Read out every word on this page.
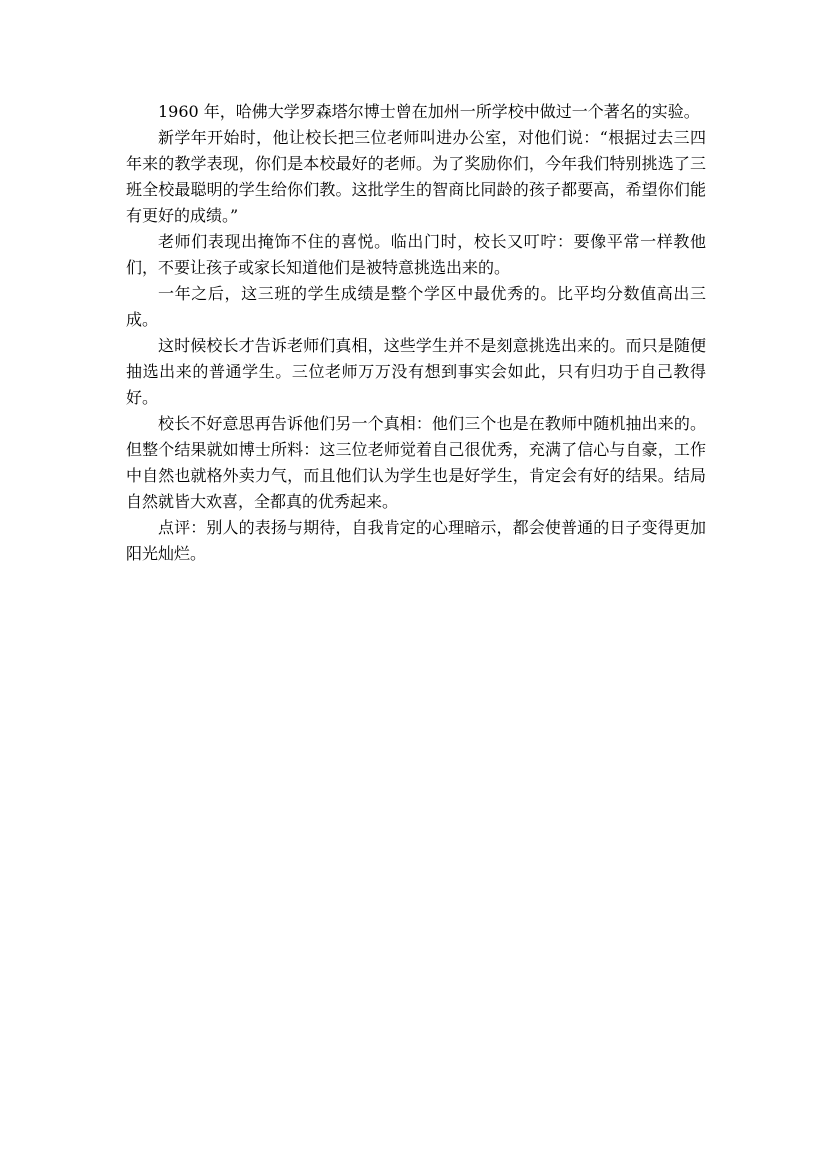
1960 年，哈佛大学罗森塔尔博士曾在加州一所学校中做过一个著名的实验。

新学年开始时，他让校长把三位老师叫进办公室，对他们说：“根据过去三四年来的教学表现，你们是本校最好的老师。为了奖励你们，今年我们特别挑选了三班全校最聪明的学生给你们教。这批学生的智商比同龄的孩子都要高，希望你们能有更好的成绩。”

老师们表现出掩饰不住的喜悦。临出门时，校长又叮咛：要像平常一样教他们，不要让孩子或家长知道他们是被特意挑选出来的。

一年之后，这三班的学生成绩是整个学区中最优秀的。比平均分数值高出三成。

这时候校长才告诉老师们真相，这些学生并不是刻意挑选出来的。而只是随便抽选出来的普通学生。三位老师万万没有想到事实会如此，只有归功于自己教得好。

校长不好意思再告诉他们另一个真相：他们三个也是在教师中随机抽出来的。但整个结果就如博士所料：这三位老师觉着自己很优秀，充满了信心与自豪，工作中自然也就格外卖力气，而且他们认为学生也是好学生，肯定会有好的结果。结局自然就皆大欢喜，全都真的优秀起来。

点评：别人的表扬与期待，自我肯定的心理暗示，都会使普通的日子变得更加阳光灿烂。
